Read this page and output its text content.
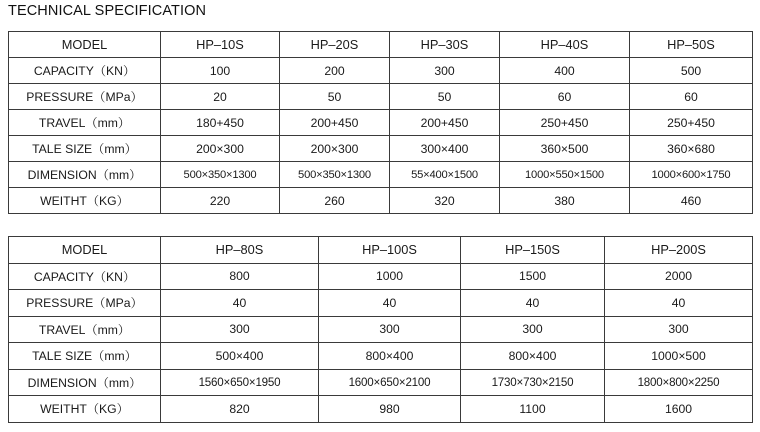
TECHNICAL SPECIFICATION
MODEL	HP–10S	HP–20S	HP–30S	HP–40S	HP–50S
CAPACITY（KN）	100	200	300	400	500
PRESSURE（MPa）	20	50	50	60	60
TRAVEL（mm）	180+450	200+450	200+450	250+450	250+450
TALE SIZE（mm）	200×300	200×300	300×400	360×500	360×680
DIMENSION（mm）	500×350×1300	500×350×1300	55×400×1500	1000×550×1500	1000×600×1750
WEITHT（KG）	220	260	320	380	460
MODEL	HP–80S	HP–100S	HP–150S	HP–200S
CAPACITY（KN）	800	1000	1500	2000
PRESSURE（MPa）	40	40	40	40
TRAVEL（mm）	300	300	300	300
TALE SIZE（mm）	500×400	800×400	800×400	1000×500
DIMENSION（mm）	1560×650×1950	1600×650×2100	1730×730×2150	1800×800×2250
WEITHT（KG）	820	980	1100	1600
